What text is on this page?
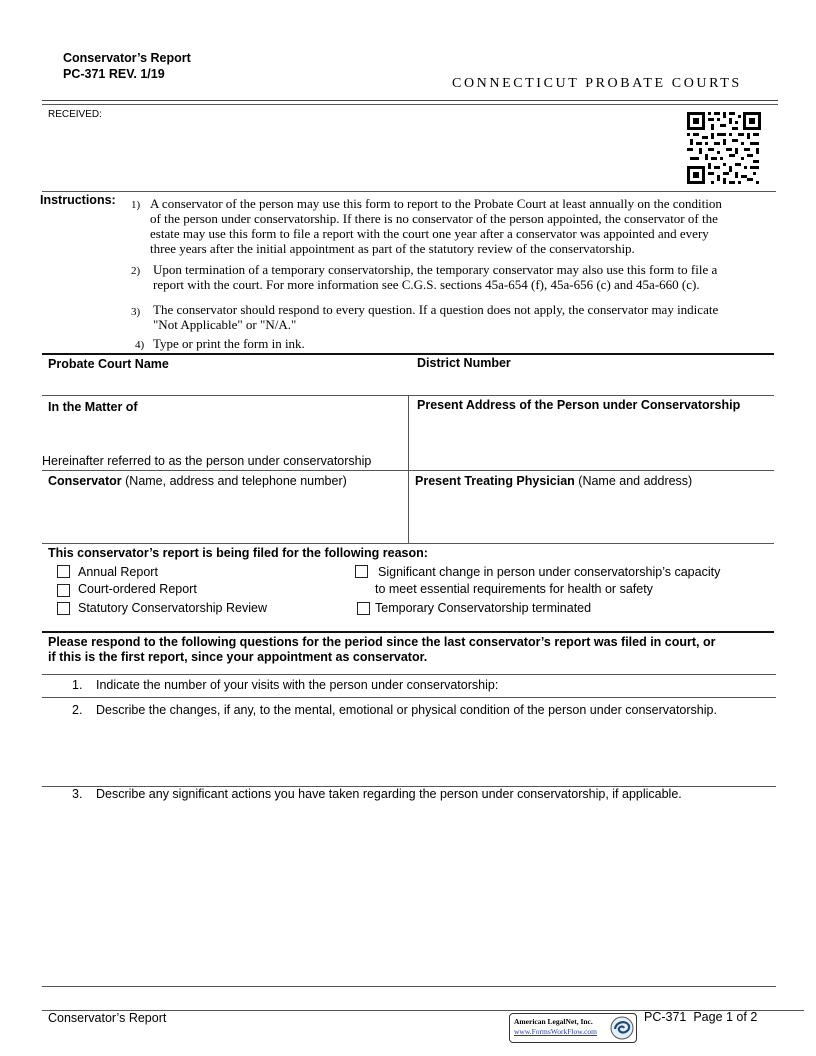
Conservator’s Report
PC-371 REV. 1/19
CONNECTICUT PROBATE COURTS
RECEIVED:
Instructions: 1) A conservator of the person may use this form to report to the Probate Court at least annually on the condition
of the person under conservatorship. If there is no conservator of the person appointed, the conservator of the
estate may use this form to file a report with the court one year after a conservator was appointed and every
three years after the initial appointment as part of the statutory review of the conservatorship.
2) Upon termination of a temporary conservatorship, the temporary conservator may also use this form to file a
report with the court. For more information see C.G.S. sections 45a-654 (f), 45a-656 (c) and 45a-660 (c).
3) The conservator should respond to every question. If a question does not apply, the conservator may indicate
"Not Applicable" or "N/A."
4) Type or print the form in ink.
Probate Court Name	District Number
In the Matter of	Present Address of the Person under Conservatorship
Hereinafter referred to as the person under conservatorship
Conservator (Name, address and telephone number)	Present Treating Physician (Name and address)
This conservator’s report is being filed for the following reason:
Annual Report
Court-ordered Report
Statutory Conservatorship Review
Significant change in person under conservatorship’s capacity
to meet essential requirements for health or safety
Temporary Conservatorship terminated
Please respond to the following questions for the period since the last conservator’s report was filed in court, or
if this is the first report, since your appointment as conservator.
1. Indicate the number of your visits with the person under conservatorship:
2. Describe the changes, if any, to the mental, emotional or physical condition of the person under conservatorship.
3. Describe any significant actions you have taken regarding the person under conservatorship, if applicable.
Conservator’s Report	American LegalNet, Inc.
www.FormsWorkFlow.com
PC-371  Page 1 of 2
